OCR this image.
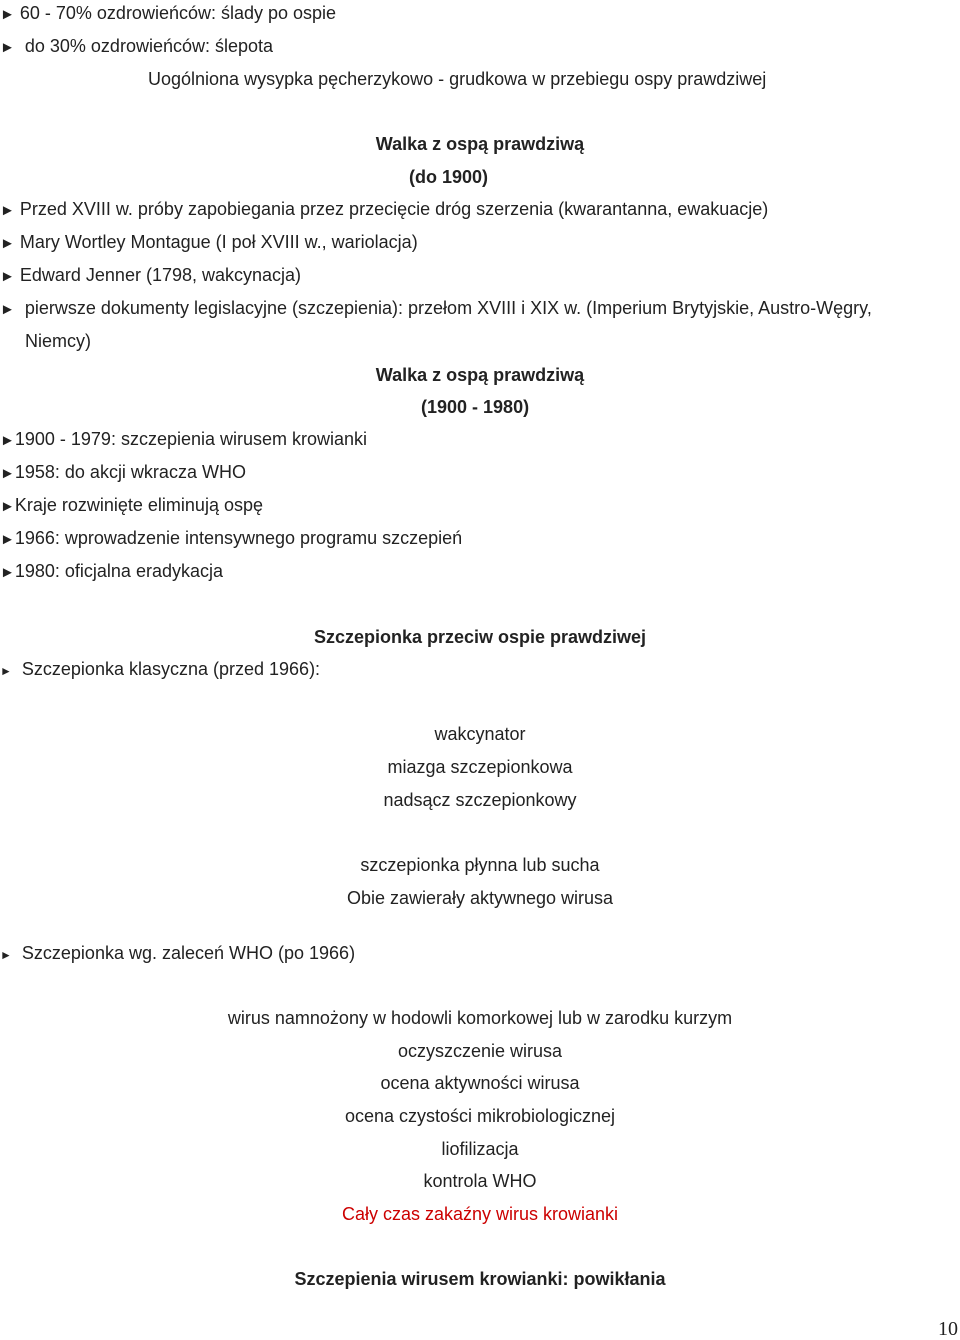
► 60 - 70% ozdrowieńców: ślady po ospie
► do 30% ozdrowieńców: ślepota
Uogólniona wysypka pęcherzykowo - grudkowa w przebiegu ospy prawdziwej
Walka z ospą prawdziwą
(do 1900)
► Przed XVIII w. próby zapobiegania przez przecięcie dróg szerzenia (kwarantanna, ewakuacje)
► Mary Wortley Montague (I poł XVIII w., wariolacja)
► Edward Jenner (1798, wakcynacja)
► pierwsze dokumenty legislacyjne (szczepienia): przełom XVIII i XIX w. (Imperium Brytyjskie, Austro-Węgry,
Niemcy)
Walka z ospą prawdziwą
(1900 - 1980)
►1900 - 1979: szczepienia wirusem krowianki
►1958: do akcji wkracza WHO
►Kraje rozwinięte eliminują ospę
►1966: wprowadzenie intensywnego programu szczepień
►1980: oficjalna eradykacja
Szczepionka przeciw ospie prawdziwej
► Szczepionka klasyczna (przed 1966):
wakcynator
miazga szczepionkowa
nadsącz szczepionkowy
szczepionka płynna lub sucha
Obie zawierały aktywnego wirusa
► Szczepionka wg. zaleceń WHO (po 1966)
wirus namnożony w hodowli komorkowej lub w zarodku kurzym
oczyszczenie wirusa
ocena aktywności wirusa
ocena czystości mikrobiologicznej
liofilizacja
kontrola WHO
Cały czas zakaźny wirus krowianki
Szczepienia wirusem krowianki: powikłania
10
